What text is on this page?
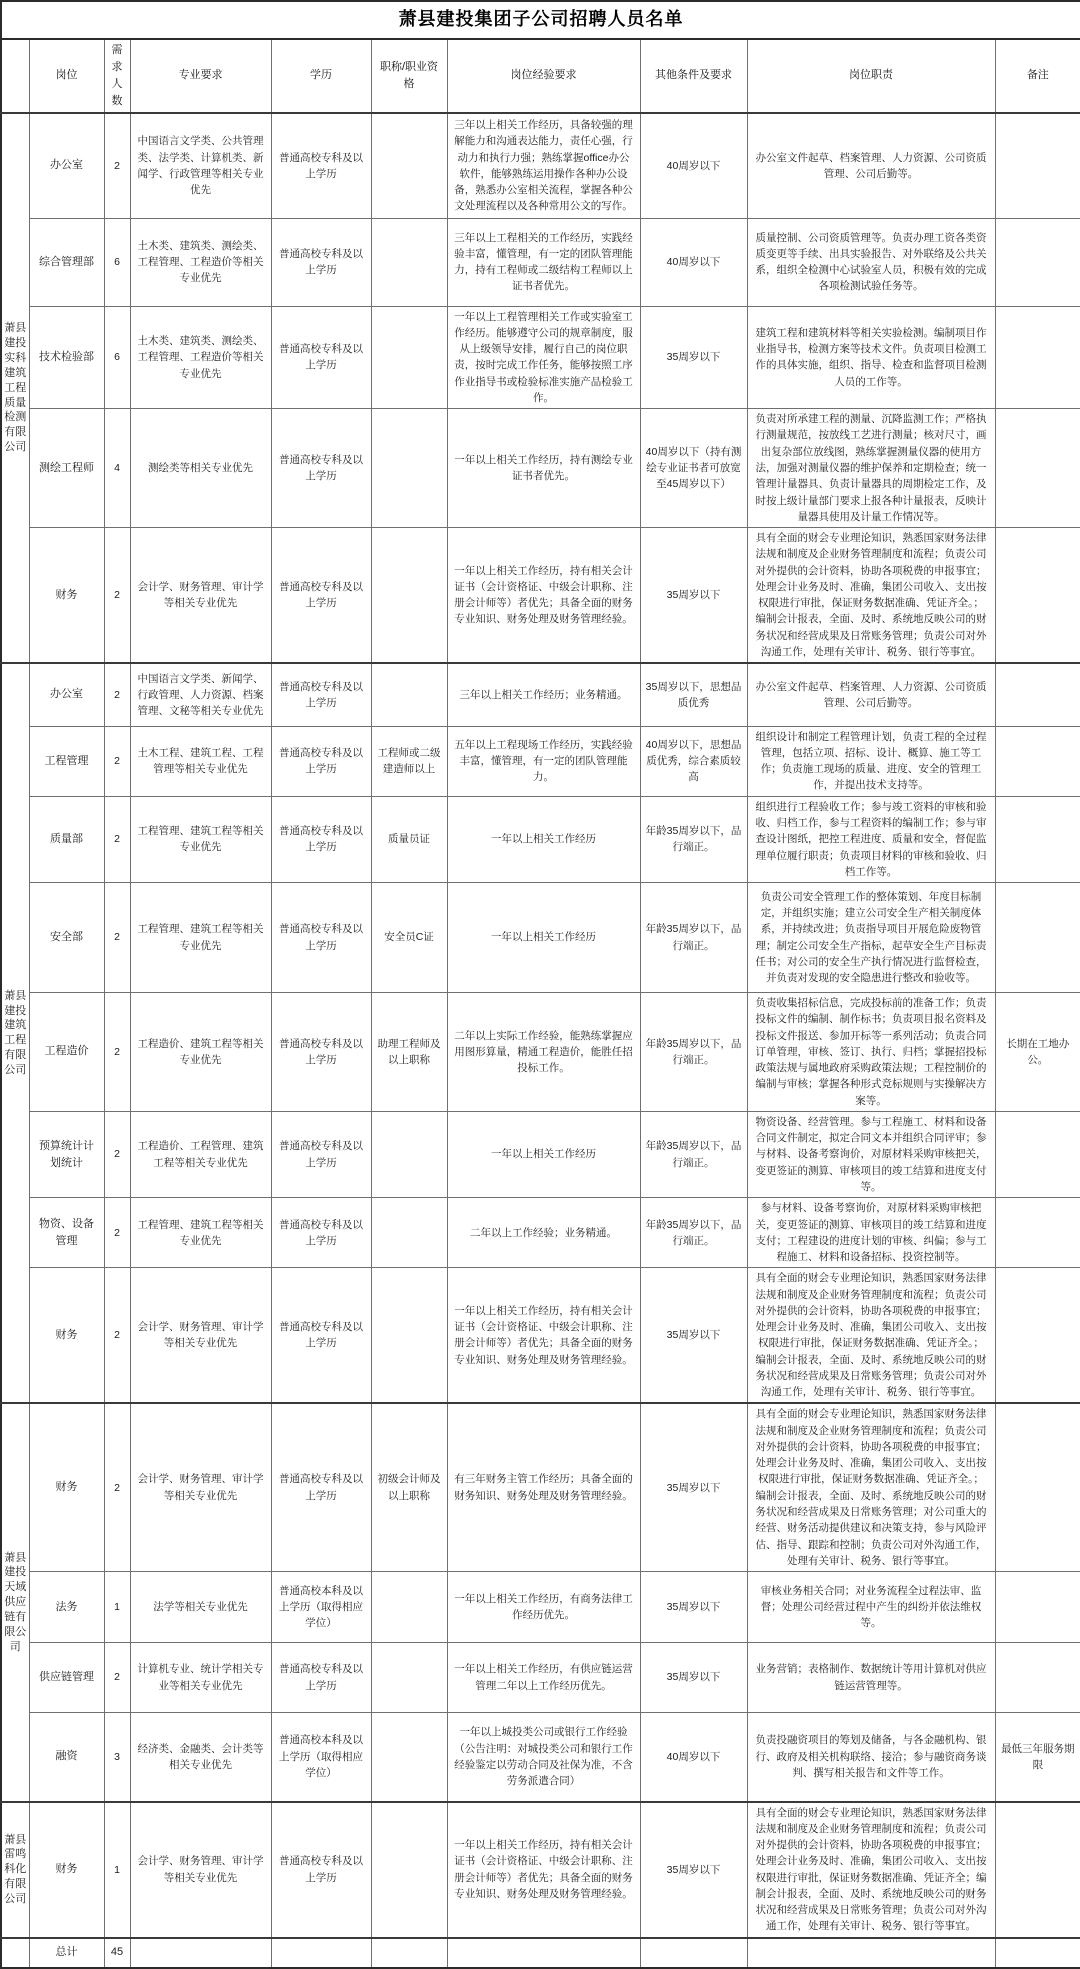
萧县建投集团子公司招聘人员名单									
	岗位	需求人数	专业要求	学历	职称/职业资格	岗位经验要求	其他条件及要求	岗位职责	备注
萧县建投实科建筑工程质量检测有限公司	办公室	2	中国语言文学类、公共管理类、法学类、计算机类、新闻学、行政管理等相关专业优先	普通高校专科及以上学历		三年以上相关工作经历，具备较强的理解能力和沟通表达能力，责任心强，行动力和执行力强；熟练掌握office办公软件，能够熟练运用操作各种办公设备，熟悉办公室相关流程，掌握各种公文处理流程以及各种常用公文的写作。	40周岁以下	办公室文件起草、档案管理、人力资源、公司资质管理、公司后勤等。	
	综合管理部	6	土木类、建筑类、测绘类、工程管理、工程造价等相关专业优先	普通高校专科及以上学历		三年以上工程相关的工作经历，实践经验丰富，懂管理，有一定的团队管理能力，持有工程师或二级结构工程师以上证书者优先。	40周岁以下	质量控制、公司资质管理等。负责办理工资各类资质变更等手续、出具实验报告、对外联络及公共关系，组织全检测中心试验室人员，积极有效的完成各项检测试验任务等。	
	技术检验部	6	土木类、建筑类、测绘类、工程管理、工程造价等相关专业优先	普通高校专科及以上学历		一年以上工程管理相关工作或实验室工作经历。能够遵守公司的规章制度，服从上级领导安排，履行自己的岗位职责，按时完成工作任务，能够按照工序作业指导书或检验标准实施产品检验工作。	35周岁以下	建筑工程和建筑材料等相关实验检测。编制项目作业指导书，检测方案等技术文件。负责项目检测工作的具体实施，组织、指导、检查和监督项目检测人员的工作等。	
	测绘工程师	4	测绘类等相关专业优先	普通高校专科及以上学历		一年以上相关工作经历，持有测绘专业证书者优先。	40周岁以下（持有测绘专业证书者可放宽至45周岁以下）	负责对所承建工程的测量、沉降监测工作；严格执行测量规范，按放线工艺进行测量；核对尺寸，画出复杂部位放线图，熟练掌握测量仪器的使用方法，加强对测量仪器的维护保养和定期检查；统一管理计量器具、负责计量器具的周期检定工作，及时按上级计量部门要求上报各种计量报表，反映计量器具使用及计量工作情况等。	
	财务	2	会计学、财务管理、审计学等相关专业优先	普通高校专科及以上学历		一年以上相关工作经历，持有相关会计证书（会计资格证、中级会计职称、注册会计师等）者优先；具备全面的财务专业知识、财务处理及财务管理经验。	35周岁以下	具有全面的财会专业理论知识，熟悉国家财务法律法规和制度及企业财务管理制度和流程；负责公司对外提供的会计资料，协助各项税费的申报事宜；处理会计业务及时、准确，集团公司收入、支出按权限进行审批，保证财务数据准确、凭证齐全。；编制会计报表，全面、及时、系统地反映公司的财务状况和经营成果及日常账务管理；负责公司对外沟通工作，处理有关审计、税务、银行等事宜。	
萧县建投建筑工程有限公司	办公室	2	中国语言文学类、新闻学、行政管理、人力资源、档案管理、文秘等相关专业优先	普通高校专科及以上学历		三年以上相关工作经历；业务精通。	35周岁以下，思想品质优秀	办公室文件起草、档案管理、人力资源、公司资质管理、公司后勤等。	
	工程管理	2	土木工程、建筑工程、工程管理等相关专业优先	普通高校专科及以上学历	工程师或二级建造师以上	五年以上工程现场工作经历，实践经验丰富，懂管理，有一定的团队管理能力。	40周岁以下，思想品质优秀，综合素质较高	组织设计和制定工程管理计划，负责工程的全过程管理，包括立项、招标、设计、概算、施工等工作；负责施工现场的质量、进度、安全的管理工作，并提出技术支持等。	
	质量部	2	工程管理、建筑工程等相关专业优先	普通高校专科及以上学历	质量员证	一年以上相关工作经历	年龄35周岁以下，品行端正。	组织进行工程验收工作；参与竣工资料的审核和验收、归档工作，参与工程资料的编制工作；参与审查设计图纸，把控工程进度、质量和安全，督促监理单位履行职责；负责项目材料的审核和验收、归档工作等。	
	安全部	2	工程管理、建筑工程等相关专业优先	普通高校专科及以上学历	安全员C证	一年以上相关工作经历	年龄35周岁以下，品行端正。	负责公司安全管理工作的整体策划、年度目标制定，并组织实施；建立公司安全生产相关制度体系，并持续改进；负责指导项目开展危险废物管理；制定公司安全生产指标，起草安全生产目标责任书；对公司的安全生产执行情况进行监督检查，并负责对发现的安全隐患进行整改和验收等。	
	工程造价	2	工程造价、建筑工程等相关专业优先	普通高校专科及以上学历	助理工程师及以上职称	二年以上实际工作经验，能熟练掌握应用图形算量，精通工程造价，能胜任招投标工作。	年龄35周岁以下，品行端正。	负责收集招标信息，完成投标前的准备工作；负责投标文件的编制、制作标书；负责项目报名资料及投标文件报送、参加开标等一系列活动；负责合同订单管理，审核、签订、执行、归档；掌握招投标政策法规与属地政府采购政策法规；工程控制价的编制与审核；掌握各种形式竞标规则与实操解决方案等。	长期在工地办公。
	预算统计计划统计	2	工程造价、工程管理、建筑工程等相关专业优先	普通高校专科及以上学历		一年以上相关工作经历	年龄35周岁以下，品行端正。	物资设备、经营管理。参与工程施工、材料和设备合同文件制定，拟定合同文本并组织合同评审；参与材料、设备考察询价，对原材料采购审核把关，变更签证的测算、审核项目的竣工结算和进度支付等。	
	物资、设备管理	2	工程管理、建筑工程等相关专业优先	普通高校专科及以上学历		二年以上工作经验；业务精通。	年龄35周岁以下，品行端正。	参与材料、设备考察询价，对原材料采购审核把关，变更签证的测算、审核项目的竣工结算和进度支付；工程建设的进度计划的审核、纠偏；参与工程施工、材料和设备招标、投资控制等。	
	财务	2	会计学、财务管理、审计学等相关专业优先	普通高校专科及以上学历		一年以上相关工作经历，持有相关会计证书（会计资格证、中级会计职称、注册会计师等）者优先；具备全面的财务专业知识、财务处理及财务管理经验。	35周岁以下	具有全面的财会专业理论知识，熟悉国家财务法律法规和制度及企业财务管理制度和流程；负责公司对外提供的会计资料，协助各项税费的申报事宜；处理会计业务及时、准确，集团公司收入、支出按权限进行审批，保证财务数据准确、凭证齐全。；编制会计报表，全面、及时、系统地反映公司的财务状况和经营成果及日常账务管理；负责公司对外沟通工作，处理有关审计、税务、银行等事宜。	
萧县建投天域供应链有限公司	财务	2	会计学、财务管理、审计学等相关专业优先	普通高校专科及以上学历	初级会计师及以上职称	有三年财务主管工作经历；具备全面的财务知识、财务处理及财务管理经验。	35周岁以下	具有全面的财会专业理论知识，熟悉国家财务法律法规和制度及企业财务管理制度和流程；负责公司对外提供的会计资料，协助各项税费的申报事宜；处理会计业务及时、准确，集团公司收入、支出按权限进行审批，保证财务数据准确、凭证齐全。；编制会计报表，全面、及时、系统地反映公司的财务状况和经营成果及日常账务管理；对公司重大的经营、财务活动提供建议和决策支持，参与风险评估、指导、跟踪和控制；负责公司对外沟通工作，处理有关审计、税务、银行等事宜。	
	法务	1	法学等相关专业优先	普通高校本科及以上学历（取得相应学位）		一年以上相关工作经历，有商务法律工作经历优先。	35周岁以下	审核业务相关合同；对业务流程全过程法审、监督；处理公司经营过程中产生的纠纷并依法维权等。	
	供应链管理	2	计算机专业、统计学相关专业等相关专业优先	普通高校专科及以上学历		一年以上相关工作经历，有供应链运营管理二年以上工作经历优先。	35周岁以下	业务营销；表格制作、数据统计等用计算机对供应链运营管理等。	
	融资	3	经济类、金融类、会计类等相关专业优先	普通高校本科及以上学历（取得相应学位）		一年以上城投类公司或银行工作经验（公告注明：对城投类公司和银行工作经验鉴定以劳动合同及社保为准，不含劳务派遣合同）	40周岁以下	负责投融资项目的筹划及储备，与各金融机构、银行、政府及相关机构联络、接洽；参与融资商务谈判、撰写相关报告和文件等工作。	最低三年服务期限
萧县雷鸣科化有限公司	财务	1	会计学、财务管理、审计学等相关专业优先	普通高校专科及以上学历		一年以上相关工作经历，持有相关会计证书（会计资格证、中级会计职称、注册会计师等）者优先；具备全面的财务专业知识、财务处理及财务管理经验。	35周岁以下	具有全面的财会专业理论知识，熟悉国家财务法律法规和制度及企业财务管理制度和流程；负责公司对外提供的会计资料，协助各项税费的申报事宜；处理会计业务及时、准确，集团公司收入、支出按权限进行审批，保证财务数据准确、凭证齐全；编制会计报表，全面、及时、系统地反映公司的财务状况和经营成果及日常账务管理；负责公司对外沟通工作，处理有关审计、税务、银行等事宜。	
	总计	45							
